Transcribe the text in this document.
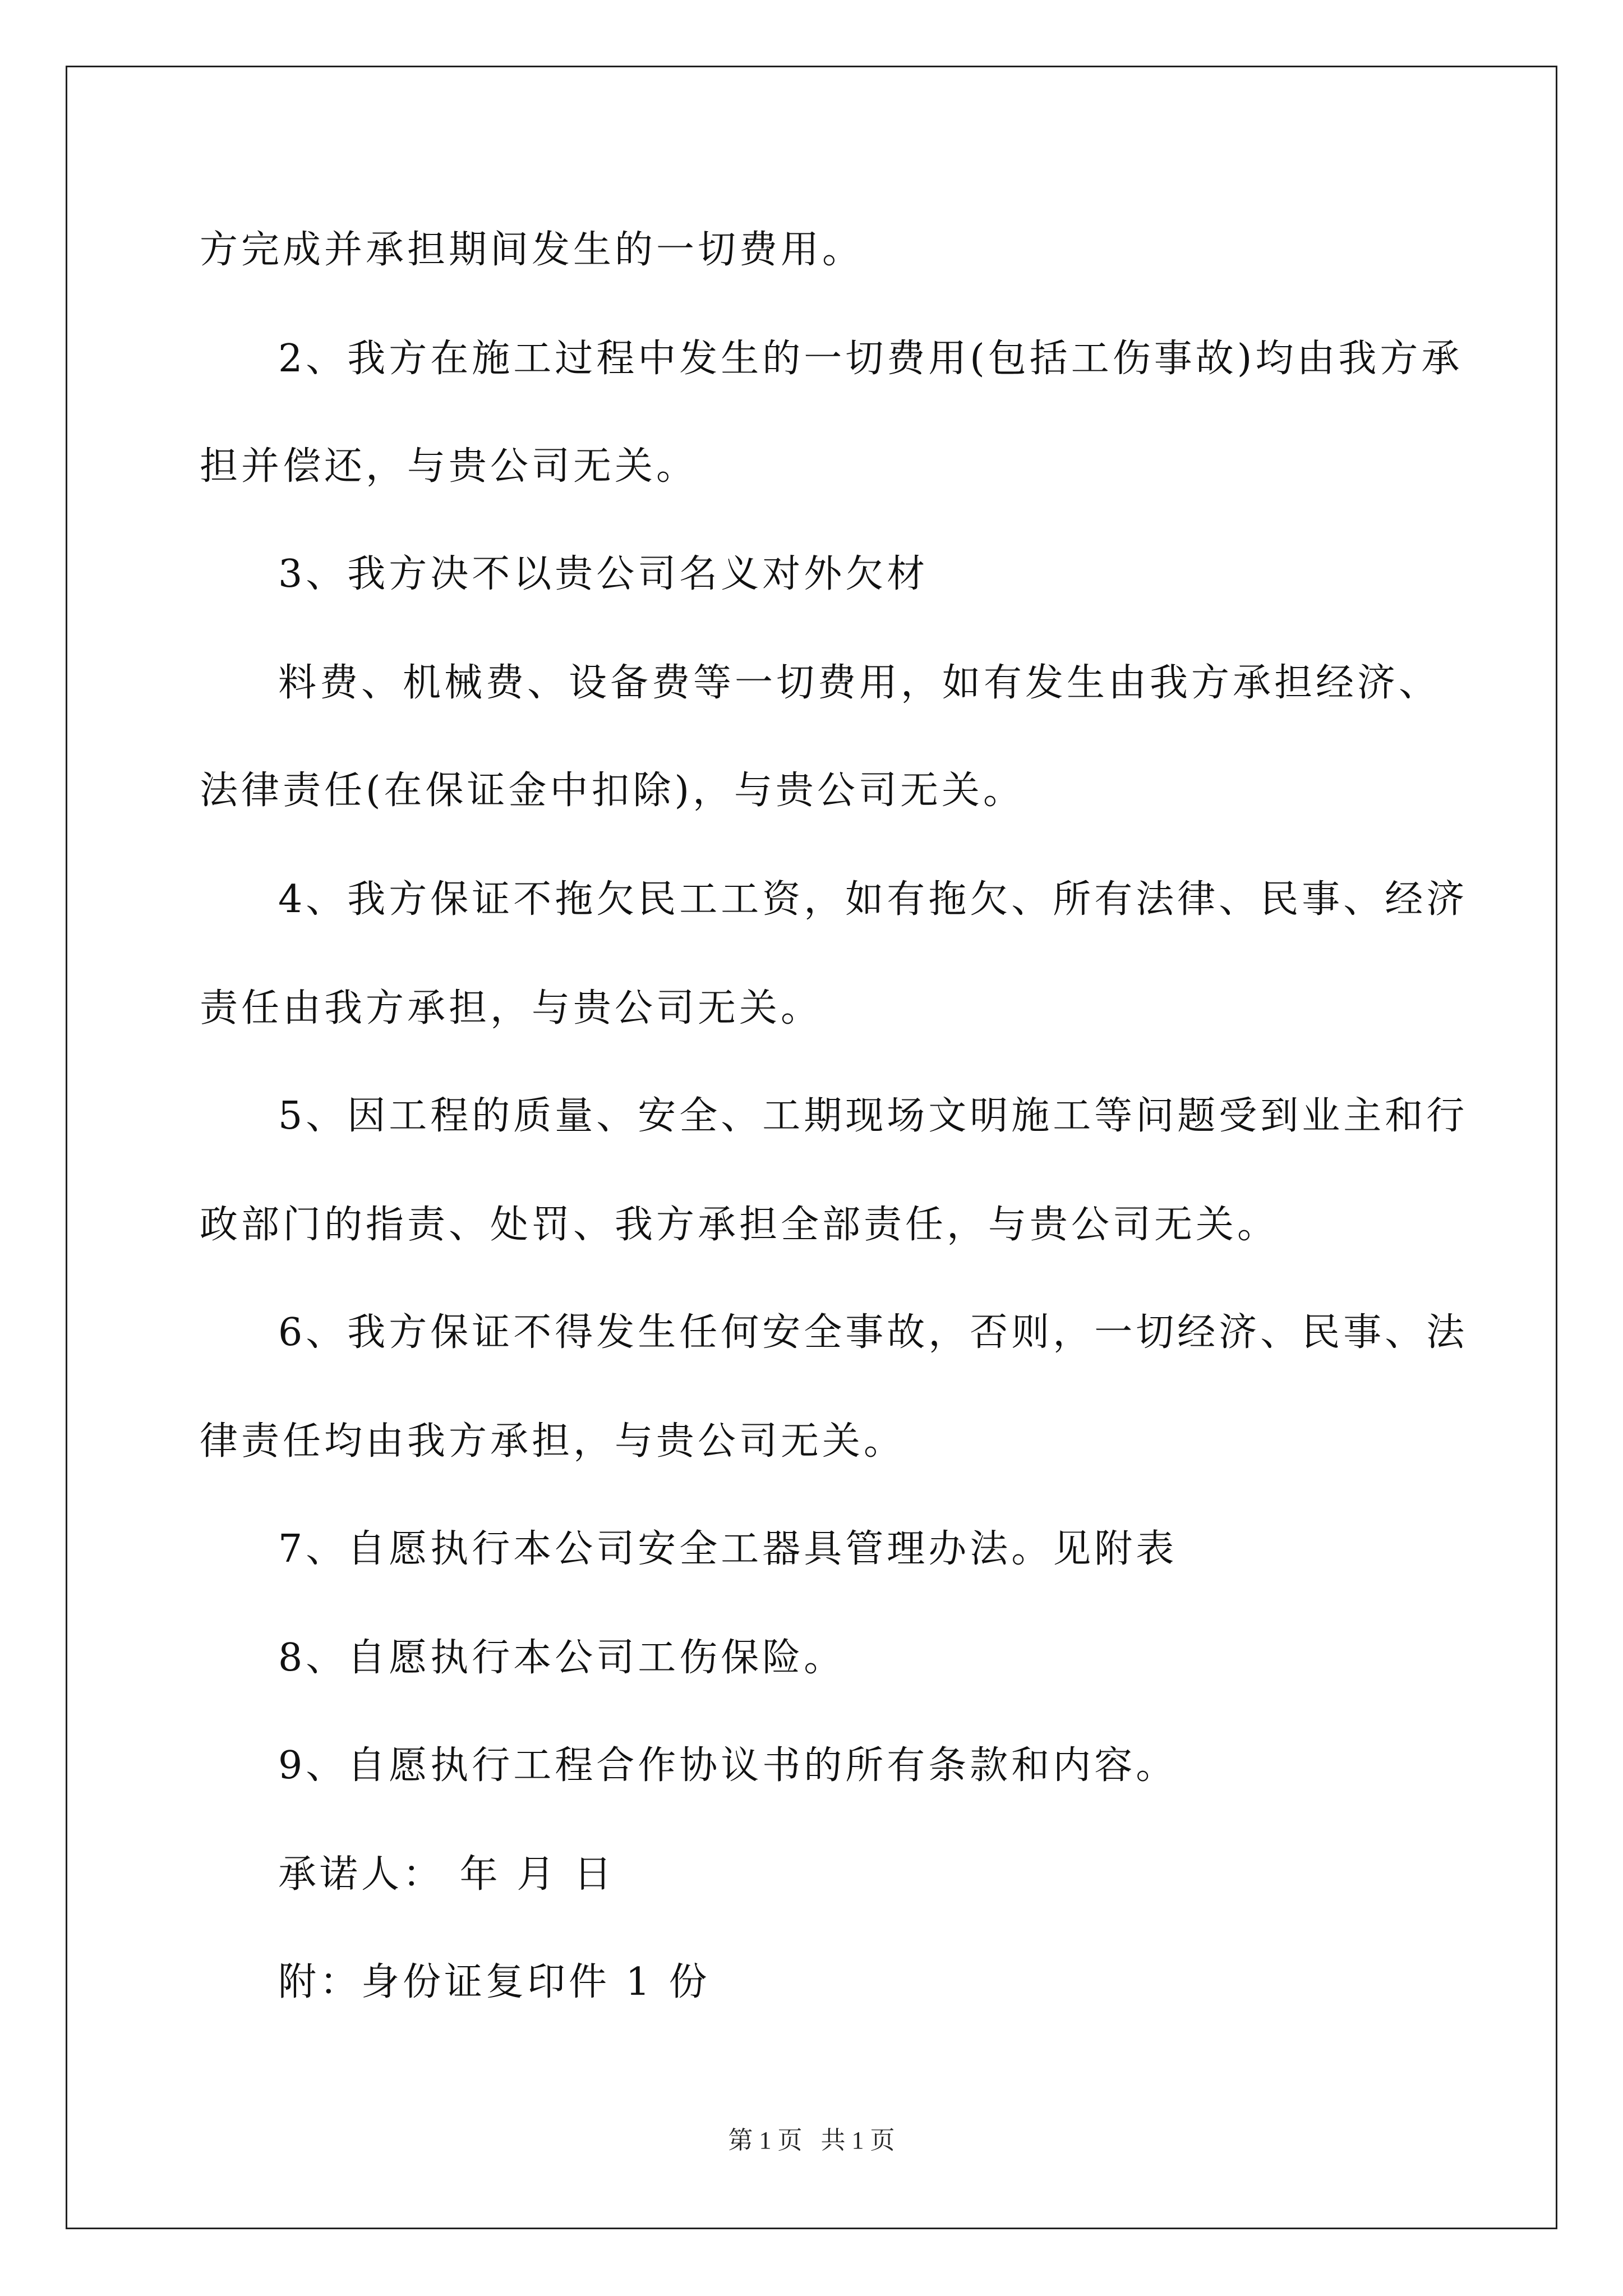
方完成并承担期间发生的一切费用。
2、我方在施工过程中发生的一切费用(包括工伤事故)均由我方承
担并偿还，与贵公司无关。
3、我方决不以贵公司名义对外欠材
料费、机械费、设备费等一切费用，如有发生由我方承担经济、
法律责任(在保证金中扣除)，与贵公司无关。
4、我方保证不拖欠民工工资，如有拖欠、所有法律、民事、经济
责任由我方承担，与贵公司无关。
5、因工程的质量、安全、工期现场文明施工等问题受到业主和行
政部门的指责、处罚、我方承担全部责任，与贵公司无关。
6、我方保证不得发生任何安全事故，否则，一切经济、民事、法
律责任均由我方承担，与贵公司无关。
7、自愿执行本公司安全工器具管理办法。见附表
8、自愿执行本公司工伤保险。
9、自愿执行工程合作协议书的所有条款和内容。
承诺人： 年 月 日
附：身份证复印件 1 份
第 1 页   共 1 页
